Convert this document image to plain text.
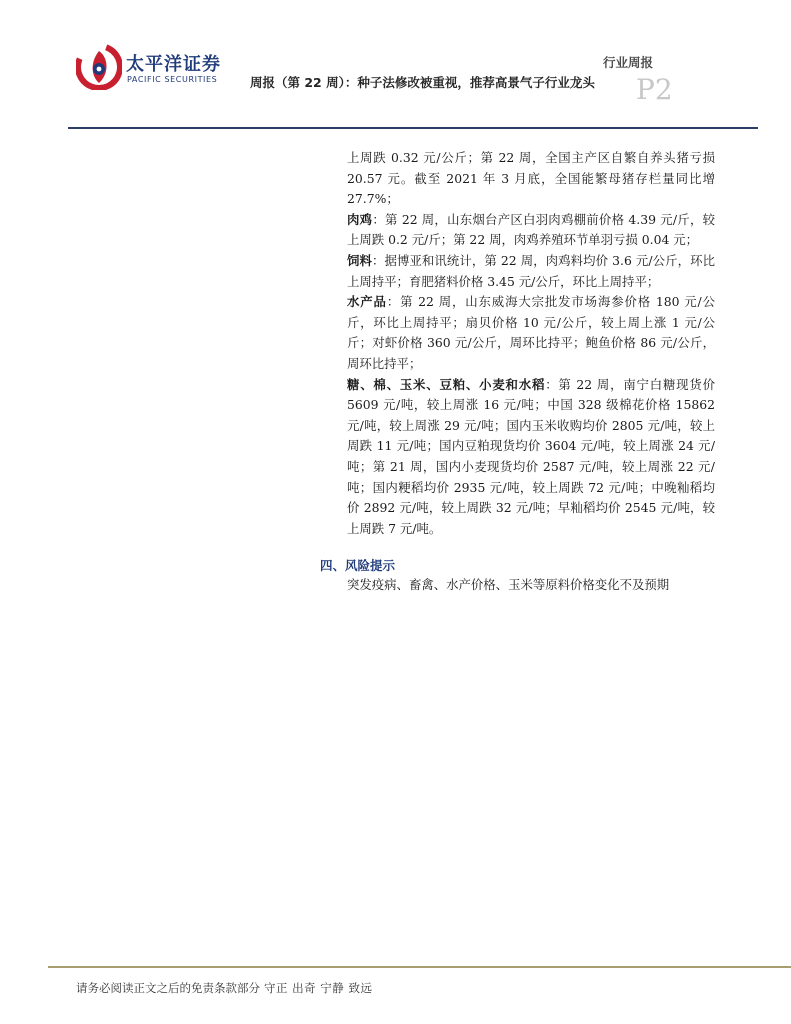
太平洋证券
PACIFIC SECURITIES
行业周报
周报（第 22 周）：种子法修改被重视，推荐高景气子行业龙头 P2

上周跌 0.32 元/公斤；第 22 周，全国主产区自繁自养头猪亏损 20.57 元。截至 2021 年 3 月底，全国能繁母猪存栏量同比增 27.7%；

肉鸡：第 22 周，山东烟台产区白羽肉鸡棚前价格 4.39 元/斤，较上周跌 0.2 元/斤；第 22 周，肉鸡养殖环节单羽亏损 0.04 元；

饲料：据博亚和讯统计，第 22 周，肉鸡料均价 3.6 元/公斤，环比上周持平；育肥猪料价格 3.45 元/公斤，环比上周持平；

水产品：第 22 周，山东威海大宗批发市场海参价格 180 元/公斤，环比上周持平；扇贝价格 10 元/公斤，较上周上涨 1 元/公斤；对虾价格 360 元/公斤，周环比持平；鲍鱼价格 86 元/公斤，周环比持平；

糖、棉、玉米、豆粕、小麦和水稻：第 22 周，南宁白糖现货价 5609 元/吨，较上周涨 16 元/吨；中国 328 级棉花价格 15862 元/吨，较上周涨 29 元/吨；国内玉米收购均价 2805 元/吨，较上周跌 11 元/吨；国内豆粕现货均价 3604 元/吨，较上周涨 24 元/吨；第 21 周，国内小麦现货均价 2587 元/吨，较上周涨 22 元/吨；国内粳稻均价 2935 元/吨，较上周跌 72 元/吨；中晚籼稻均价 2892 元/吨，较上周跌 32 元/吨；早籼稻均价 2545 元/吨，较上周跌 7 元/吨。

四、风险提示
突发疫病、畜禽、水产价格、玉米等原料价格变化不及预期
请务必阅读正文之后的免责条款部分 守正 出奇 宁静 致远
